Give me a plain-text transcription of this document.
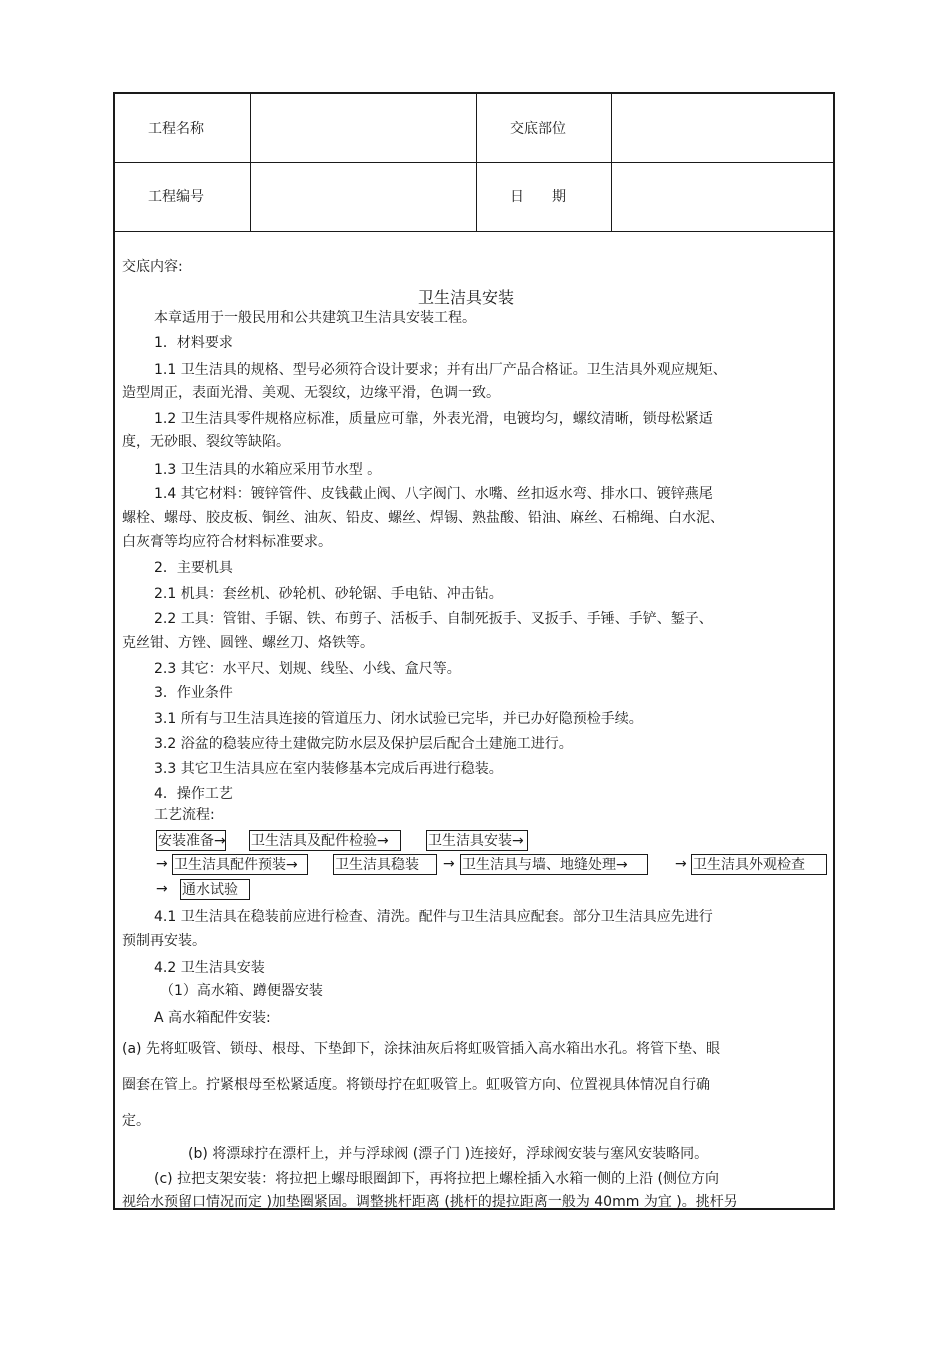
工程名称	交底部位
工程编号	日　　期
交底内容:
卫生洁具安装
本章适用于一般民用和公共建筑卫生洁具安装工程。
1．材料要求
1.1 卫生洁具的规格、型号必须符合设计要求；并有出厂产品合格证。卫生洁具外观应规矩、
造型周正，表面光滑、美观、无裂纹，边缘平滑，色调一致。
1.2 卫生洁具零件规格应标准，质量应可靠，外表光滑，电镀均匀，螺纹清晰，锁母松紧适
度，无砂眼、裂纹等缺陷。
1.3 卫生洁具的水箱应采用节水型 。
1.4 其它材料：镀锌管件、皮钱截止阀、八字阀门、水嘴、丝扣返水弯、排水口、镀锌燕尾
螺栓、螺母、胶皮板、铜丝、油灰、铅皮、螺丝、焊锡、熟盐酸、铅油、麻丝、石棉绳、白水泥、
白灰膏等均应符合材料标准要求。
2．主要机具
2.1 机具：套丝机、砂轮机、砂轮锯、手电钻、冲击钻。
2.2 工具：管钳、手锯、铁、布剪子、活板手、自制死扳手、叉扳手、手锤、手铲、錾子、
克丝钳、方锉、圆锉、螺丝刀、烙铁等。
2.3 其它：水平尺、划规、线坠、小线、盒尺等。
3．作业条件
3.1 所有与卫生洁具连接的管道压力、闭水试验已完毕，并已办好隐预检手续。
3.2 浴盆的稳装应待土建做完防水层及保护层后配合土建施工进行。
3.3 其它卫生洁具应在室内装修基本完成后再进行稳装。
4．操作工艺
工艺流程:
安装准备→ 卫生洁具及配件检验→	卫生洁具安装→
→ 卫生洁具配件预装→	卫生洁具稳装	→ 卫生洁具与墙、地缝处理→	→ 卫生洁具外观检查
→ 通水试验
4.1 卫生洁具在稳装前应进行检查、清洗。配件与卫生洁具应配套。部分卫生洁具应先进行
预制再安装。
4.2 卫生洁具安装
（1）高水箱、蹲便器安装
A 高水箱配件安装:
(a) 先将虹吸管、锁母、根母、下垫卸下，涂抹油灰后将虹吸管插入高水箱出水孔。将管下垫、眼
圈套在管上。拧紧根母至松紧适度。将锁母拧在虹吸管上。虹吸管方向、位置视具体情况自行确
定。
(b) 将漂球拧在漂杆上，并与浮球阀 (漂子门 )连接好，浮球阀安装与塞风安装略同。
(c) 拉把支架安装：将拉把上螺母眼圈卸下，再将拉把上螺栓插入水箱一侧的上沿 (侧位方向
视给水预留口情况而定 )加垫圈紧固。调整挑杆距离 (挑杆的提拉距离一般为 40mm 为宜 )。挑杆另
